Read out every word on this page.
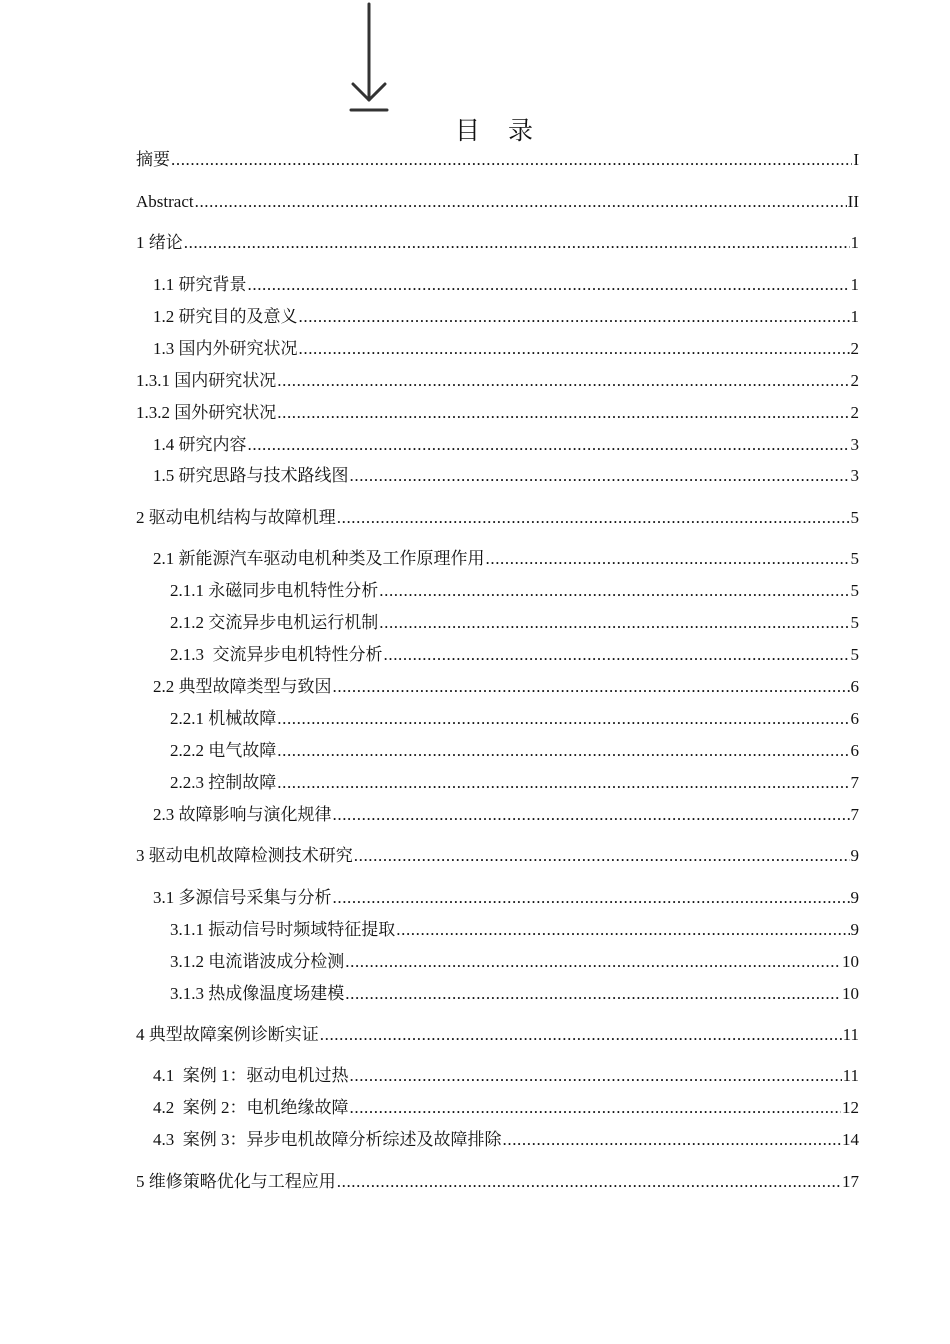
目 录
摘要 .....	I
Abstract .....	II
1 绪论 .....	1
1.1 研究背景 .....	1
1.2 研究目的及意义 .....	1
1.3 国内外研究状况 .....	2
1.3.1 国内研究状况 .....	2
1.3.2 国外研究状况 .....	2
1.4 研究内容 .....	3
1.5 研究思路与技术路线图 .....	3
2 驱动电机结构与故障机理 .....	5
2.1 新能源汽车驱动电机种类及工作原理作用 .....	5
2.1.1 永磁同步电机特性分析 .....	5
2.1.2 交流异步电机运行机制 .....	5
2.1.3  交流异步电机特性分析 .....	5
2.2 典型故障类型与致因 .....	6
2.2.1 机械故障 .....	6
2.2.2 电气故障 .....	6
2.2.3 控制故障 .....	7
2.3 故障影响与演化规律 .....	7
3 驱动电机故障检测技术研究 .....	9
3.1 多源信号采集与分析 .....	9
3.1.1 振动信号时频域特征提取 .....	9
3.1.2 电流谐波成分检测 .....	10
3.1.3 热成像温度场建模 .....	10
4 典型故障案例诊断实证 .....	11
4.1  案例 1：驱动电机过热 .....	11
4.2  案例 2：电机绝缘故障 .....	12
4.3  案例 3：异步电机故障分析综述及故障排除 .....	14
5 维修策略优化与工程应用 .....	17
